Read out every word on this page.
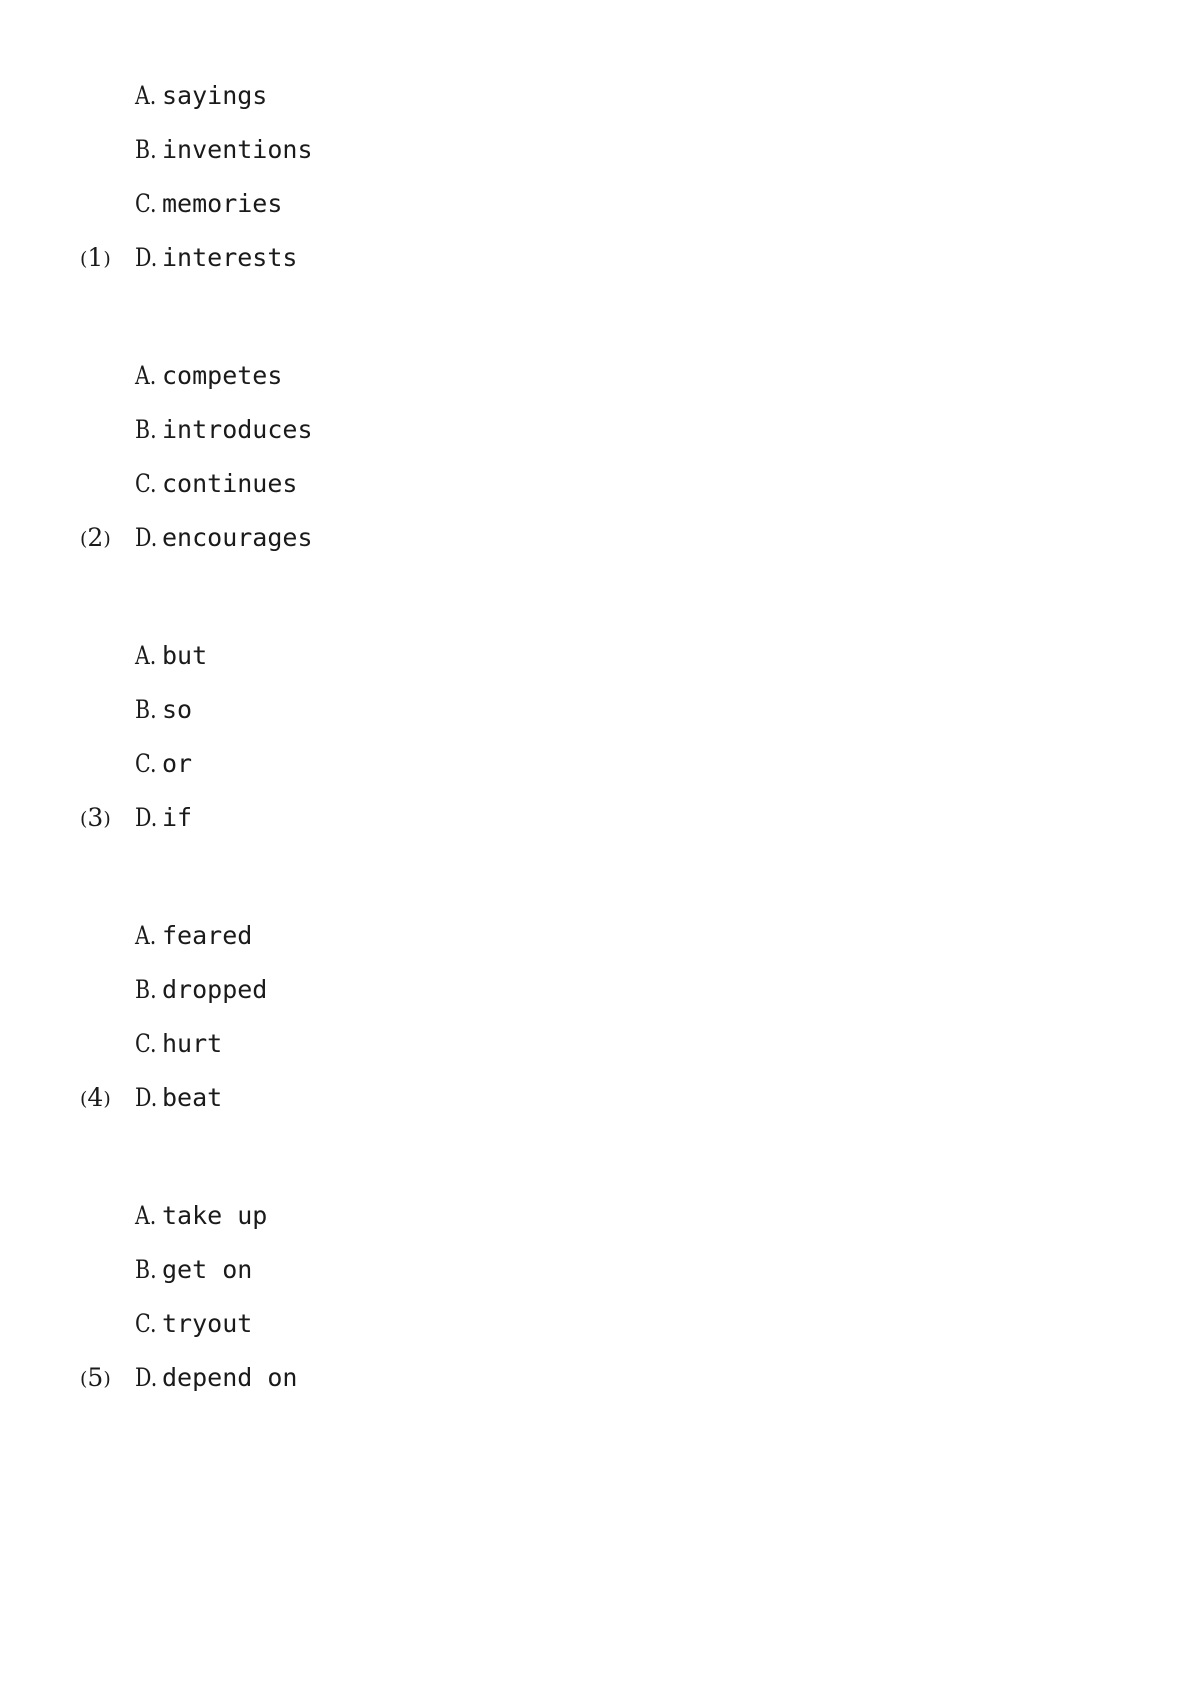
A. sayings
B. inventions
C. memories
(1) D. interests
A. competes
B. introduces
C. continues
(2) D. encourages
A. but
B. so
C. or
(3) D. if
A. feared
B. dropped
C. hurt
(4) D. beat
A. take up
B. get on
C. tryout
(5) D. depend on
